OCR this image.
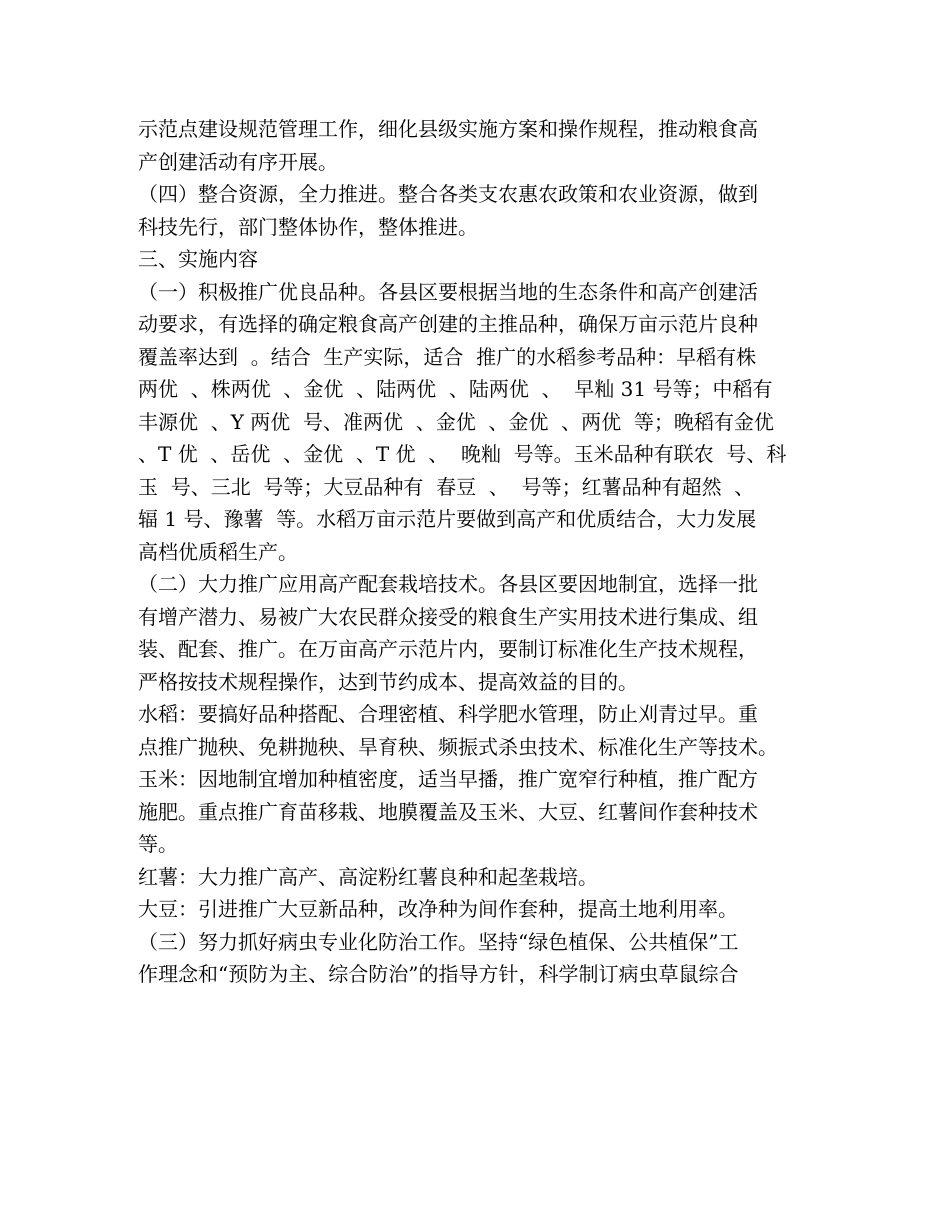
示范点建设规范管理工作，细化县级实施方案和操作规程，推动粮食高
产创建活动有序开展。
（四）整合资源，全力推进。整合各类支农惠农政策和农业资源，做到
科技先行，部门整体协作，整体推进。
三、实施内容
（一）积极推广优良品种。各县区要根据当地的生态条件和高产创建活
动要求，有选择的确定粮食高产创建的主推品种，确保万亩示范片良种
覆盖率达到  。结合  生产实际，适合  推广的水稻参考品种：早稻有株
两优  、株两优  、金优  、陆两优  、陆两优  、  早籼 31 号等；中稻有
丰源优  、Y 两优  号、准两优  、金优  、金优  、两优  等；晚稻有金优
、T 优  、岳优  、金优  、T 优  、  晚籼  号等。玉米品种有联农  号、科
玉  号、三北  号等；大豆品种有  春豆  、  号等；红薯品种有超然  、
辐 1 号、豫薯  等。水稻万亩示范片要做到高产和优质结合，大力发展
高档优质稻生产。
（二）大力推广应用高产配套栽培技术。各县区要因地制宜，选择一批
有增产潜力、易被广大农民群众接受的粮食生产实用技术进行集成、组
装、配套、推广。在万亩高产示范片内，要制订标准化生产技术规程，
严格按技术规程操作，达到节约成本、提高效益的目的。
水稻：要搞好品种搭配、合理密植、科学肥水管理，防止刈青过早。重
点推广抛秧、免耕抛秧、旱育秧、频振式杀虫技术、标准化生产等技术。
玉米：因地制宜增加种植密度，适当早播，推广宽窄行种植，推广配方
施肥。重点推广育苗移栽、地膜覆盖及玉米、大豆、红薯间作套种技术
等。
红薯：大力推广高产、高淀粉红薯良种和起垄栽培。
大豆：引进推广大豆新品种，改净种为间作套种，提高土地利用率。
（三）努力抓好病虫专业化防治工作。坚持“绿色植保、公共植保”工
作理念和“预防为主、综合防治”的指导方针，科学制订病虫草鼠综合
